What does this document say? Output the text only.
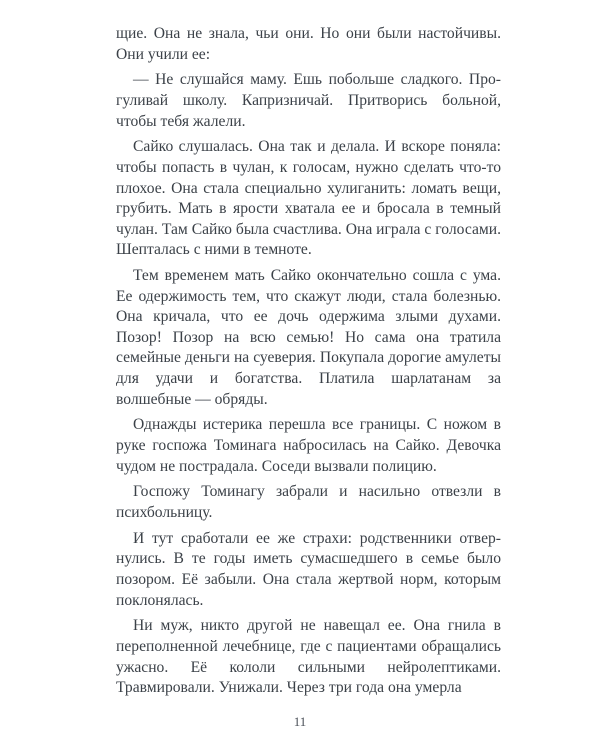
щие. Она не знала, чьи они. Но они были настойчивы. Они учили ее:

— Не слушайся маму. Ешь побольше сладкого. Прогуливай школу. Капризничай. Притворись больной, чтобы тебя жалели.

Сайко слушалась. Она так и делала. И вскоре поняла: чтобы попасть в чулан, к голосам, нужно сделать что-то плохое. Она стала специально хулиганить: ломать вещи, грубить. Мать в ярости хватала ее и бросала в темный чулан. Там Сайко была счастлива. Она играла с голосами. Шепталась с ними в темноте.

Тем временем мать Сайко окончательно сошла с ума. Ее одержимость тем, что скажут люди, стала болезнью. Она кричала, что ее дочь одержима злыми духами. Позор! Позор на всю семью! Но сама она тратила семейные деньги на суеверия. Покупала дорогие амулеты для удачи и богатства. Платила шарлатанам за волшебные — обряды.

Однажды истерика перешла все границы. С ножом в руке госпожа Томинага набросилась на Сайко. Девочка чудом не пострадала. Соседи вызвали полицию.

Госпожу Томинагу забрали и насильно отвезли в психбольницу.

И тут сработали ее же страхи: родственники отвернулись. В те годы иметь сумасшедшего в семье было позором. Её забыли. Она стала жертвой норм, которым поклонялась.

Ни муж, никто другой не навещал ее. Она гнила в переполненной лечебнице, где с пациентами обращались ужасно. Её кололи сильными нейролептиками. Травмировали. Унижали. Через три года она умерла

11
